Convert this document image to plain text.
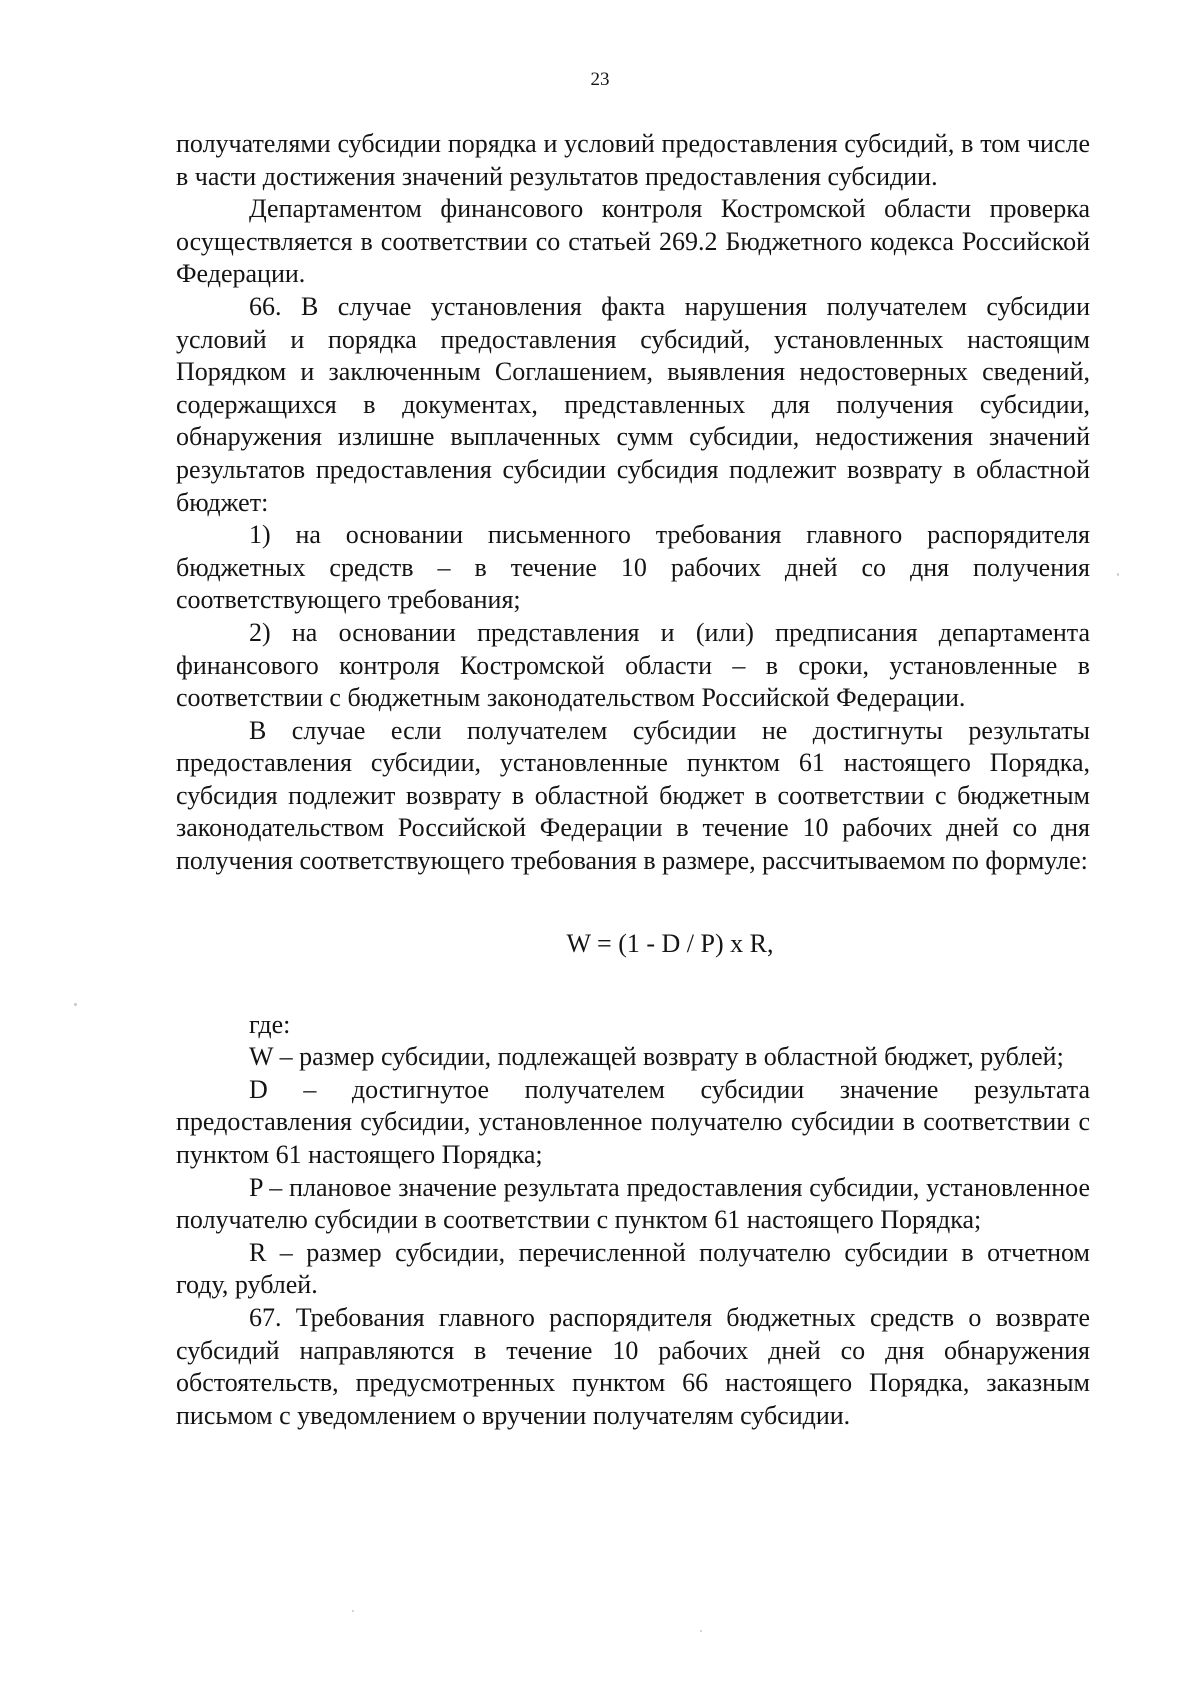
23

получателями субсидии порядка и условий предоставления субсидий, в том числе в части достижения значений результатов предоставления субсидии.

Департаментом финансового контроля Костромской области проверка осуществляется в соответствии со статьей 269.2 Бюджетного кодекса Российской Федерации.

66. В случае установления факта нарушения получателем субсидии условий и порядка предоставления субсидий, установленных настоящим Порядком и заключенным Соглашением, выявления недостоверных сведений, содержащихся в документах, представленных для получения субсидии, обнаружения излишне выплаченных сумм субсидии, недостижения значений результатов предоставления субсидии субсидия подлежит возврату в областной бюджет:

1) на основании письменного требования главного распорядителя бюджетных средств – в течение 10 рабочих дней со дня получения соответствующего требования;

2) на основании представления и (или) предписания департамента финансового контроля Костромской области – в сроки, установленные в соответствии с бюджетным законодательством Российской Федерации.

В случае если получателем субсидии не достигнуты результаты предоставления субсидии, установленные пунктом 61 настоящего Порядка, субсидия подлежит возврату в областной бюджет в соответствии с бюджетным законодательством Российской Федерации в течение 10 рабочих дней со дня получения соответствующего требования в размере, рассчитываемом по формуле:

W = (1 - D / P) x R,

где:

W – размер субсидии, подлежащей возврату в областной бюджет, рублей;

D – достигнутое получателем субсидии значение результата предоставления субсидии, установленное получателю субсидии в соответствии с пунктом 61 настоящего Порядка;

P – плановое значение результата предоставления субсидии, установленное получателю субсидии в соответствии с пунктом 61 настоящего Порядка;

R – размер субсидии, перечисленной получателю субсидии в отчетном году, рублей.

67. Требования главного распорядителя бюджетных средств о возврате субсидий направляются в течение 10 рабочих дней со дня обнаружения обстоятельств, предусмотренных пунктом 66 настоящего Порядка, заказным письмом с уведомлением о вручении получателям субсидии.
